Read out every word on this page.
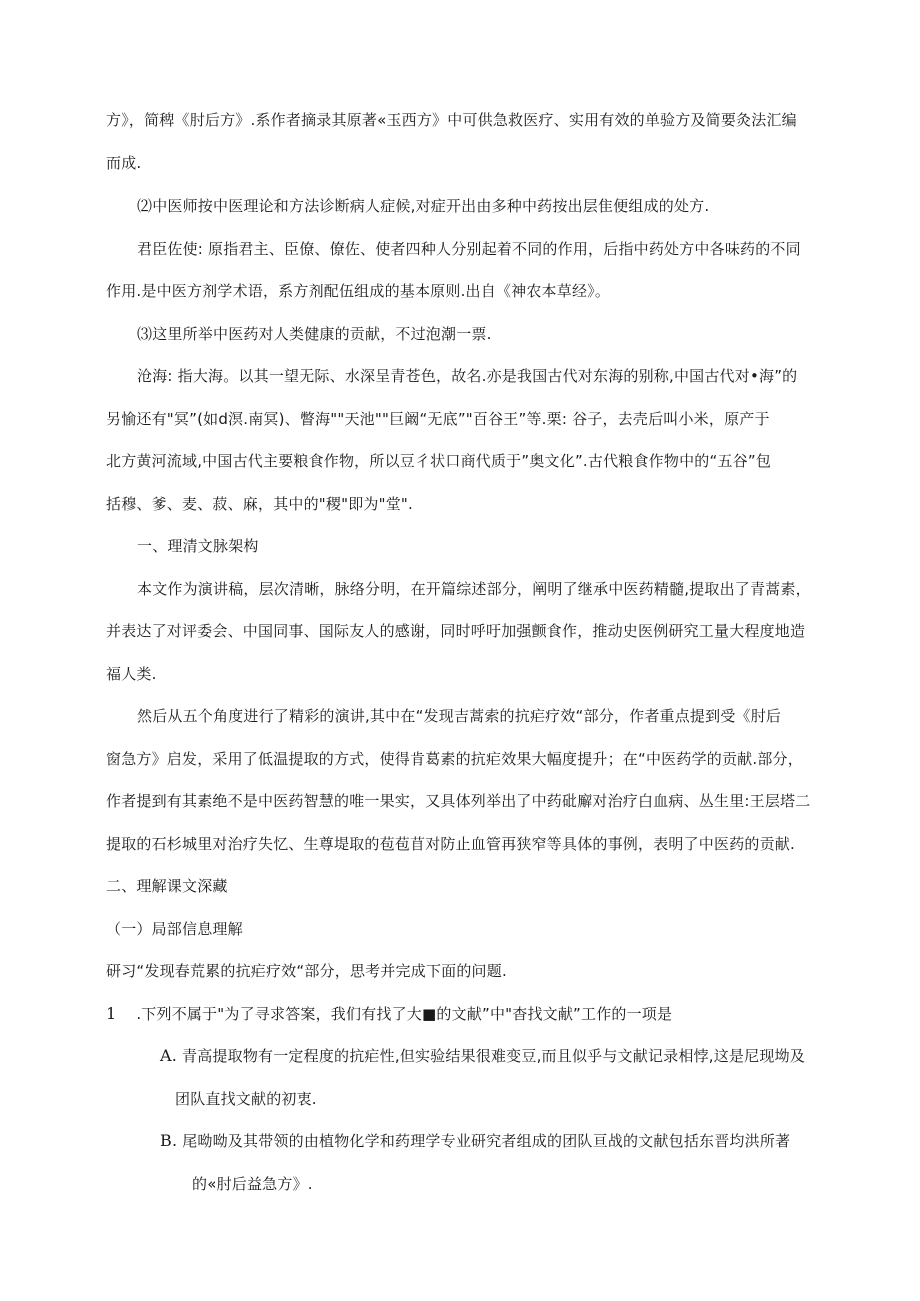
方》，简稗《肘后方》.系作者摘录其原著«玉西方》中可供急救医疗、实用有效的单验方及简要灸法汇编
而成.
⑵中医师按中医理论和方法诊断病人症候,对症开出由多种中药按出层隹便组成的处方.
君臣佐使: 原指君主、臣僚、僚佐、使者四种人分别起着不同的作用，后指中药处方中各味药的不同
作用.是中医方剂学术语，系方剂配伍组成的基本原则.出自《神农本草经》。
⑶这里所举中医药对人类健康的贡献，不过泡潮一票.
沧海: 指大海。以其一望无际、水深呈青苍色，故名.亦是我国古代对东海的别称,中国古代对•海”的
另愉还有"冥”(如d溟.南冥)、瞥海""天池""巨阚“无底”"百谷王”等.栗: 谷子，去壳后叫小米，原产于
北方黄河流域,中国古代主要粮食作物，所以豆彳状口商代质于”奥文化”.古代粮食作物中的“五谷”包
括穆、爹、麦、菽、麻，其中的"稷"即为"堂".
一、理清文脉架构
本文作为演讲稿，层次清晰，脉络分明，在开篇综述部分，阐明了继承中医药精髓,提取出了青蒿素，
并表达了对评委会、中国同事、国际友人的感谢，同时呼吁加强颤食作，推动史医例研究工量大程度地造
福人类.
然后从五个角度进行了精彩的演讲,其中在“发现吉蒿索的抗疟疗效“部分，作者重点提到受《肘后
窗急方》启发，采用了低温提取的方式，使得肯葛素的抗疟效果大幅度提升；在“中医药学的贡献.部分，
作者提到有其素绝不是中医药智慧的唯一果实，又具体列举出了中药砒廨对治疗白血病、丛生里:王层塔二
提取的石杉城里对治疗失忆、生尊堤取的苞苞苜对防止血管再狭窄等具体的事例，表明了中医药的贡献.
二、理解课文深藏
（一）局部信息理解
研习“发现春荒累的抗疟疗效“部分，思考并完成下面的问题.
1 .下列不属于"为了寻求答案，我们有找了大■的文献”中"杳找文献”工作的一项是
A. 青高提取物有一定程度的抗疟性,但实验结果很难变豆,而且似乎与文献记录相悖,这是尼现坳及
团队直找文献的初衷.
B. 尾呦呦及其带领的由植物化学和药理学专业研究者组成的团队亘战的文献包括东晋均洪所著
的«肘后益急方》.
